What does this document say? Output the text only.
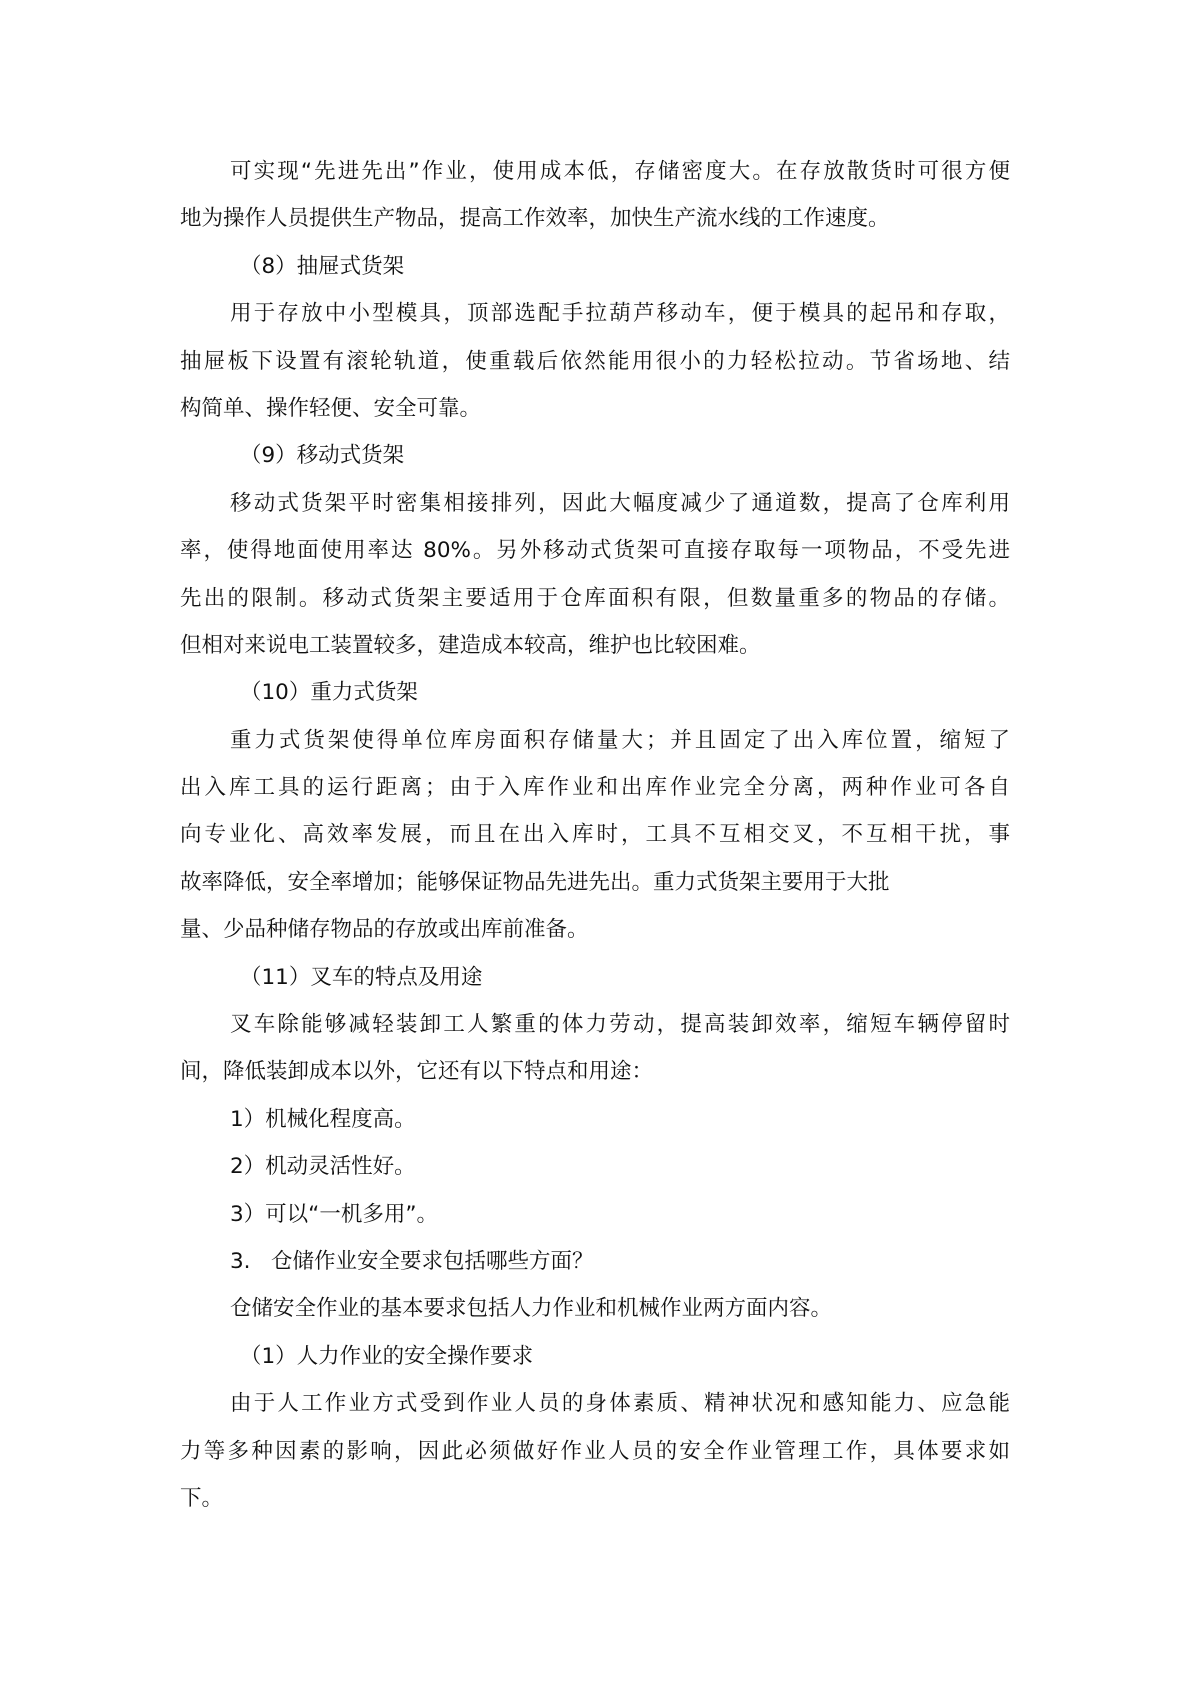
可实现“先进先出”作业，使用成本低，存储密度大。在存放散货时可很方便
地为操作人员提供生产物品，提高工作效率，加快生产流水线的工作速度。
（8）抽屉式货架
用于存放中小型模具，顶部选配手拉葫芦移动车，便于模具的起吊和存取，
抽屉板下设置有滚轮轨道，使重载后依然能用很小的力轻松拉动。节省场地、结
构简单、操作轻便、安全可靠。
（9）移动式货架
移动式货架平时密集相接排列，因此大幅度减少了通道数，提高了仓库利用
率，使得地面使用率达 80%。另外移动式货架可直接存取每一项物品，不受先进
先出的限制。移动式货架主要适用于仓库面积有限，但数量重多的物品的存储。
但相对来说电工装置较多，建造成本较高，维护也比较困难。
（10）重力式货架
重力式货架使得单位库房面积存储量大；并且固定了出入库位置，缩短了
出入库工具的运行距离；由于入库作业和出库作业完全分离，两种作业可各自
向专业化、高效率发展，而且在出入库时，工具不互相交叉，不互相干扰，事
故率降低，安全率增加；能够保证物品先进先出。重力式货架主要用于大批
量、少品种储存物品的存放或出库前准备。
（11）叉车的特点及用途
叉车除能够减轻装卸工人繁重的体力劳动，提高装卸效率，缩短车辆停留时
间，降低装卸成本以外，它还有以下特点和用途：
1）机械化程度高。
2）机动灵活性好。
3）可以“一机多用”。
3.   仓储作业安全要求包括哪些方面？
仓储安全作业的基本要求包括人力作业和机械作业两方面内容。
（1）人力作业的安全操作要求
由于人工作业方式受到作业人员的身体素质、精神状况和感知能力、应急能
力等多种因素的影响，因此必须做好作业人员的安全作业管理工作，具体要求如
下。
